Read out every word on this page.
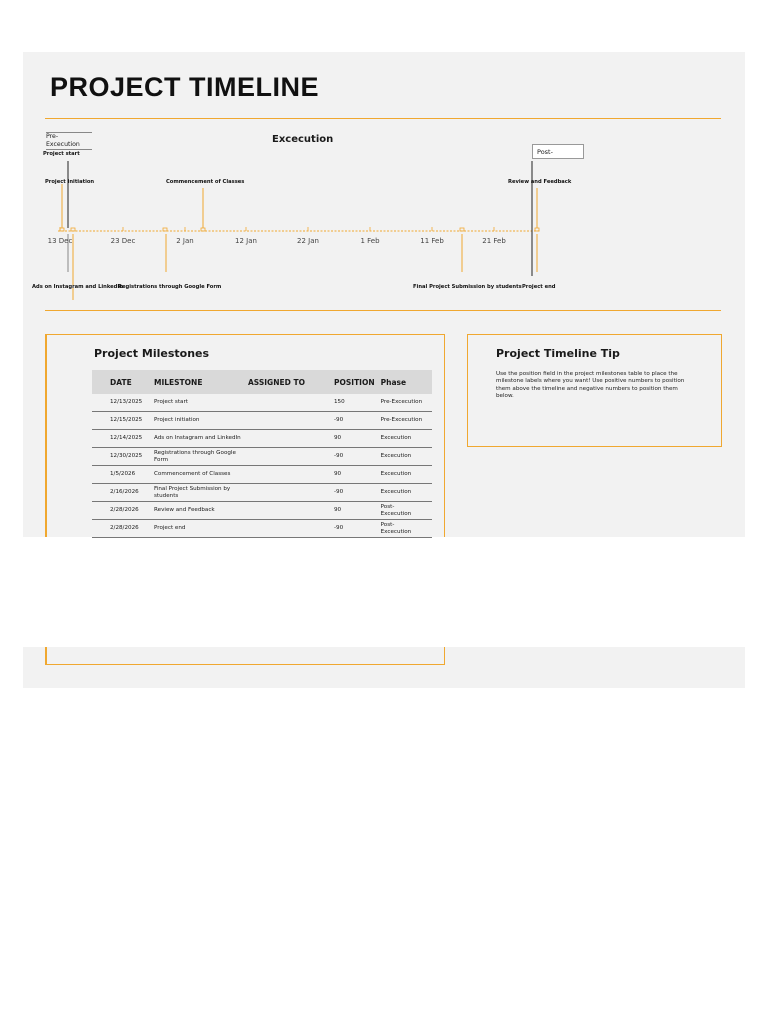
PROJECT TIMELINE
Pre-
Excecution	Excecution
Post-
Project start
Project initiation
Ads on Instagram and LinkedIn
Registrations through Google Form
Commencement of Classes
Final Project Submission by students
Review and Feedback
Project end
13 Dec	23 Dec	2 Jan	12 Jan	22 Jan	1 Feb	11 Feb	21 Feb
Project Milestones
DATE	MILESTONE	ASSIGNED TO	POSITION	Phase
12/13/2025	Project start		150	Pre-Excecution
12/15/2025	Project initiation		-90	Pre-Excecution
12/14/2025	Ads on Instagram and LinkedIn		90	Excecution
12/30/2025	Registrations through Google Form		-90	Excecution
1/5/2026	Commencement of Classes		90	Excecution
2/16/2026	Final Project Submission by students		-90	Excecution
2/28/2026	Review and Feedback		90	Post-
Excecution
2/28/2026	Project end		-90	Post-
Excecution
Project Timeline Tip
Use the position field in the project milestones table to place the milestone labels where you want! Use positive numbers to position them above the timeline and negative numbers to position them below.
